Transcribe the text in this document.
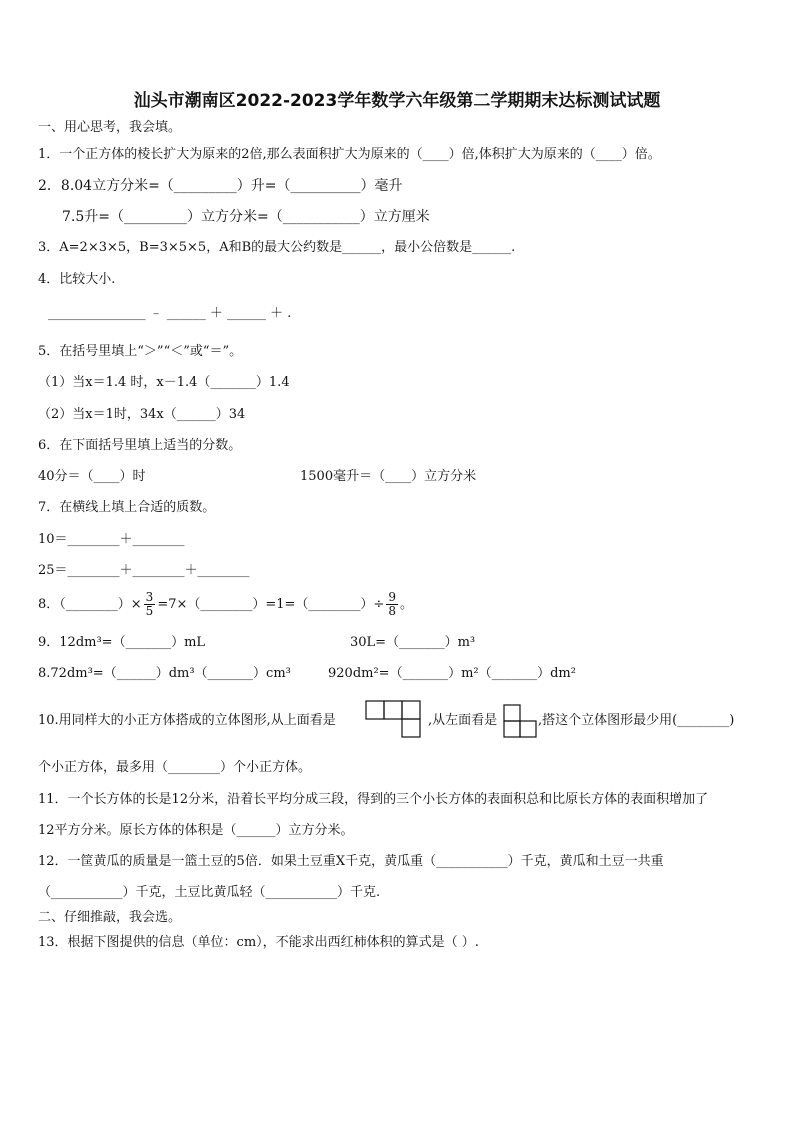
汕头市潮南区2022-2023学年数学六年级第二学期期末达标测试试题
一、用心思考，我会填。
1．一个正方体的棱长扩大为原来的2倍,那么表面积扩大为原来的（____）倍,体积扩大为原来的（____）倍。
2．8.04立方分米=（_________）升=（__________）毫升
7.5升=（_________）立方分米=（___________）立方厘米
3．A=2×3×5，B=3×5×5，A和B的最大公约数是______，最小公倍数是______.
4．比较大小.
_______________ ﹣ ______ ＋ ______ ＋ .
5．在括号里填上“＞”“＜”或“＝”。
（1）当x＝1.4 时，x－1.4（_______）1.4
（2）当x＝1时，34x（______）34
6．在下面括号里填上适当的分数。
40分＝（____）时	1500毫升＝（____）立方分米
7．在横线上填上合适的质数。
10＝________＋________
25＝________＋________＋________
8．（________）× $\frac{3}{5}$ =7×（________）=1=（________）÷ $\frac{9}{8}$ 。
9．12dm³=（_______）mL	30L=（_______）m³
8.72dm³=（______）dm³（_______）cm³	920dm²=（_______）m²（_______）dm²
10.用同样大的小正方体搭成的立体图形,从上面看是	,从左面看是	,搭这个立体图形最少用(________)
个小正方体，最多用（________）个小正方体。
11．一个长方体的长是12分米，沿着长平均分成三段，得到的三个小长方体的表面积总和比原长方体的表面积增加了
12平方分米。原长方体的体积是（______）立方分米。
12．一筐黄瓜的质量是一篮土豆的5倍．如果土豆重X千克，黄瓜重（___________）千克，黄瓜和土豆一共重
（___________）千克，土豆比黄瓜轻（___________）千克.
二、仔细推敲，我会选。
13．根据下图提供的信息（单位：cm），不能求出西红柿体积的算式是（ ）.
